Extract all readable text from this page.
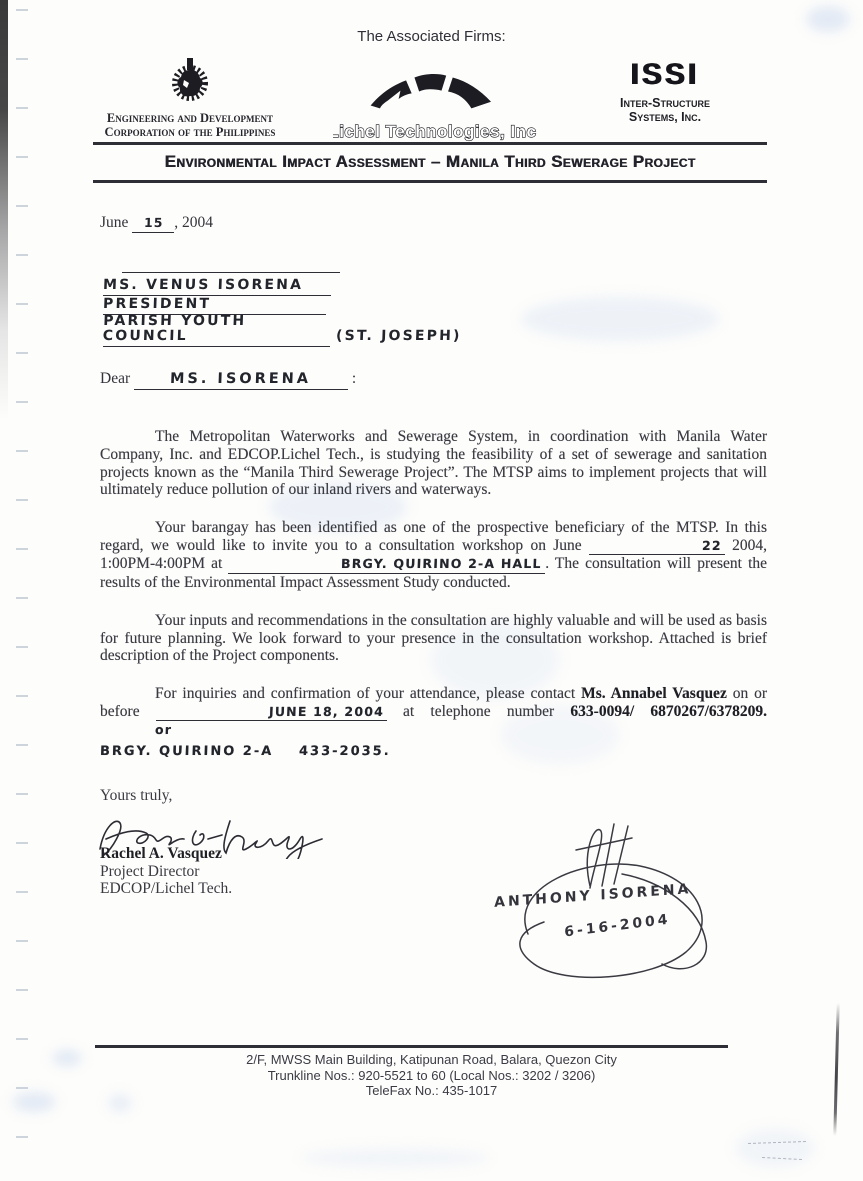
The Associated Firms:
Engineering and Development
Corporation of the Philippines
	Lichel Technologies, Inc.
ISSI
Inter-Structure
Systems, Inc.
Environmental Impact Assessment – Manila Third Sewerage Project
June 15 , 2004
MS. VENUS ISORENA
PRESIDENT
PARISH YOUTH COUNCIL	(ST. JOSEPH)
Dear	MS. ISORENA	:
The Metropolitan Waterworks and Sewerage System, in coordination with Manila Water Company, Inc. and EDCOP.Lichel Tech., is studying the feasibility of a set of sewerage and sanitation projects known as the “Manila Third Sewerage Project”. The MTSP aims to implement projects that will ultimately reduce pollution of our inland rivers and waterways.
Your barangay has been identified as one of the prospective beneficiary of the MTSP. In this regard, we would like to invite you to a consultation workshop on June	22 2004, 1:00PM-4:00PM at	BRGY. QUIRINO 2-A HALL . The consultation will present the results of the Environmental Impact Assessment Study conducted.
Your inputs and recommendations in the consultation are highly valuable and will be used as basis for future planning. We look forward to your presence in the consultation workshop. Attached is brief description of the Project components.
For inquiries and confirmation of your attendance, please contact Ms. Annabel Vasquez on or before	JUNE 18, 2004 at telephone number 633-0094/ 6870267/6378209. or
BRGY. QUIRINO 2-A 433-2035.
Yours truly,
Rachel A. Vasquez
Project Director
EDCOP/Lichel Tech.	ANTHONY ISORENA
6-16-2004
2/F, MWSS Main Building, Katipunan Road, Balara, Quezon City
Trunkline Nos.: 920-5521 to 60 (Local Nos.: 3202 / 3206)
TeleFax No.: 435-1017
